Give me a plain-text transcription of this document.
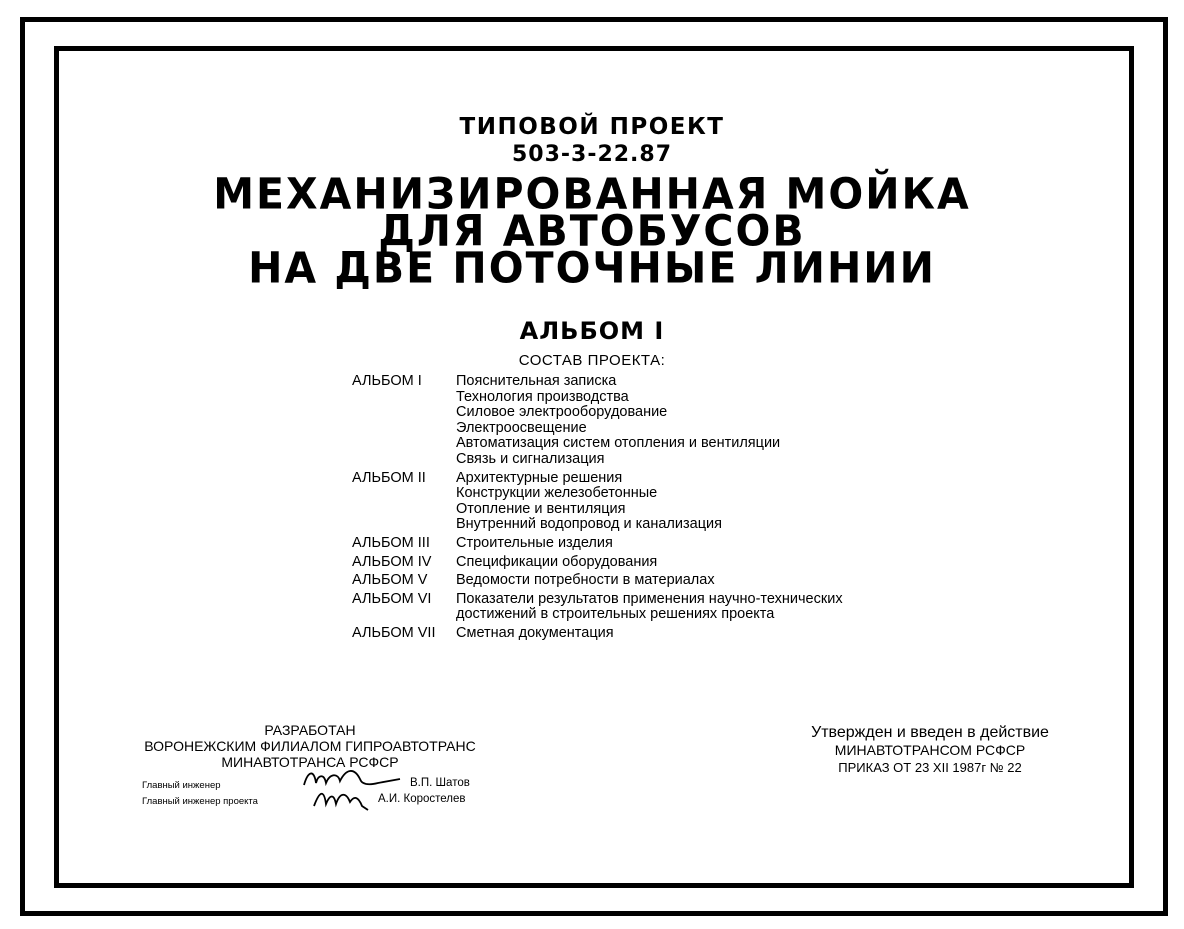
ТИПОВОЙ ПРОЕКТ
503-3-22.87
МЕХАНИЗИРОВАННАЯ МОЙКА
ДЛЯ АВТОБУСОВ
НА ДВЕ ПОТОЧНЫЕ ЛИНИИ
АЛЬБОМ I
СОСТАВ ПРОЕКТА:
АЛЬБОМ I	Пояснительная записка
Технология производства
Силовое электрооборудование
Электроосвещение
Автоматизация систем отопления и вентиляции
Связь и сигнализация
АЛЬБОМ II	Архитектурные решения
Конструкции железобетонные
Отопление и вентиляция
Внутренний водопровод и канализация
АЛЬБОМ III	Строительные изделия
АЛЬБОМ IV	Спецификации оборудования
АЛЬБОМ V	Ведомости потребности в материалах
АЛЬБОМ VI	Показатели результатов применения научно-технических
достижений в строительных решениях проекта
АЛЬБОМ VII	Сметная документация
РАЗРАБОТАН
ВОРОНЕЖСКИМ ФИЛИАЛОМ ГИПРОАВТОТРАНС
МИНАВТОТРАНСА РСФСР
Главный инженер	В.П. Шатов
Главный инженер проекта	А.И. Коростелев
Утвержден и введен в действие
МИНАВТОТРАНСОМ РСФСР
ПРИКАЗ ОТ 23 XII 1987г № 22
